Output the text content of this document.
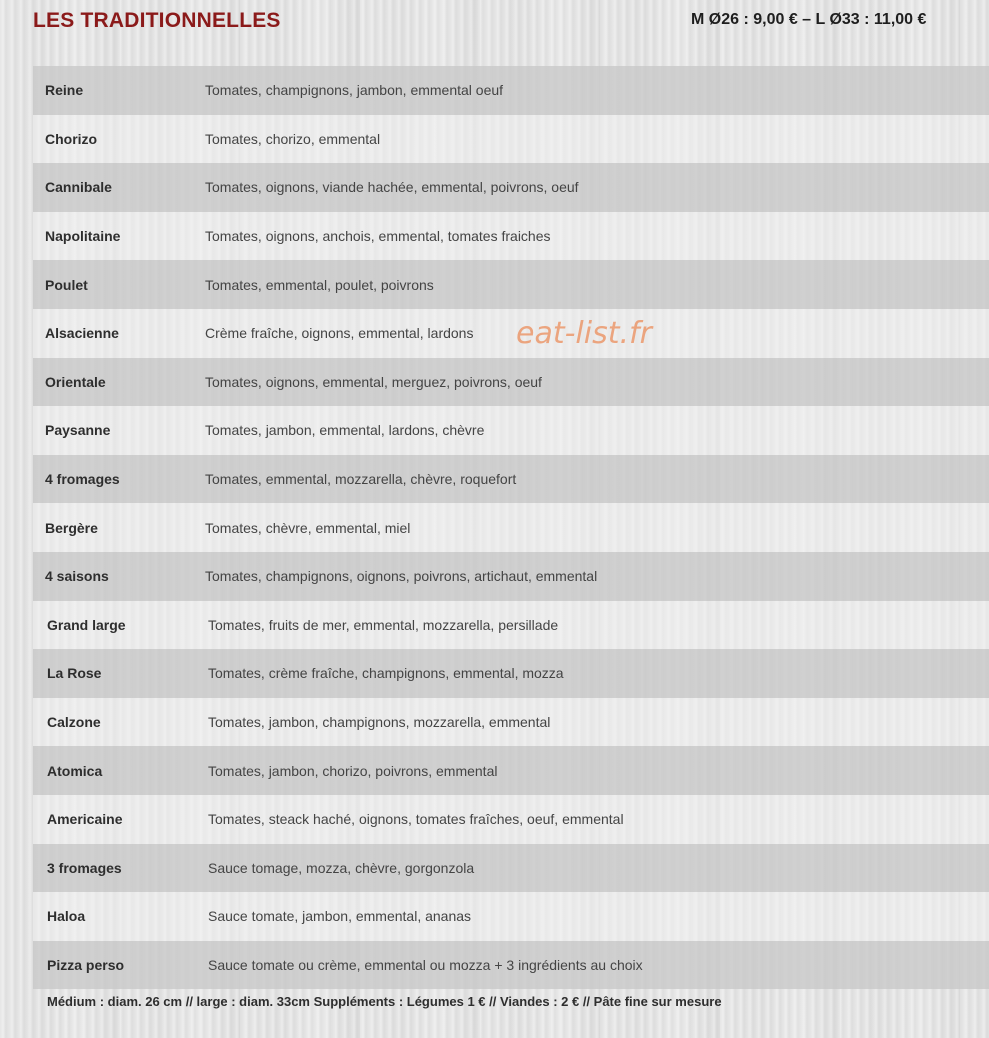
LES TRADITIONNELLES	M Ø26 : 9,00 € – L Ø33 : 11,00 €
Reine	Tomates, champignons, jambon, emmental oeuf
Chorizo	Tomates, chorizo, emmental
Cannibale	Tomates, oignons, viande hachée, emmental, poivrons, oeuf
Napolitaine	Tomates, oignons, anchois, emmental, tomates fraiches
Poulet	Tomates, emmental, poulet, poivrons
Alsacienne	Crème fraîche, oignons, emmental, lardons
Orientale	Tomates, oignons, emmental, merguez, poivrons, oeuf
Paysanne	Tomates, jambon, emmental, lardons, chèvre
4 fromages	Tomates, emmental, mozzarella, chèvre, roquefort
Bergère	Tomates, chèvre, emmental, miel
4 saisons	Tomates, champignons, oignons, poivrons, artichaut, emmental
Grand large	Tomates, fruits de mer, emmental, mozzarella, persillade
La Rose	Tomates, crème fraîche, champignons, emmental, mozza
Calzone	Tomates, jambon, champignons, mozzarella, emmental
Atomica	Tomates, jambon, chorizo, poivrons, emmental
Americaine	Tomates, steack haché, oignons, tomates fraîches, oeuf, emmental
3 fromages	Sauce tomage, mozza, chèvre, gorgonzola
Haloa	Sauce tomate, jambon, emmental, ananas
Pizza perso	Sauce tomate ou crème, emmental ou mozza + 3 ingrédients au choix
eat-list.fr
Médium : diam. 26 cm // large : diam. 33cm Suppléments : Légumes 1 € // Viandes : 2 € // Pâte fine sur mesure
